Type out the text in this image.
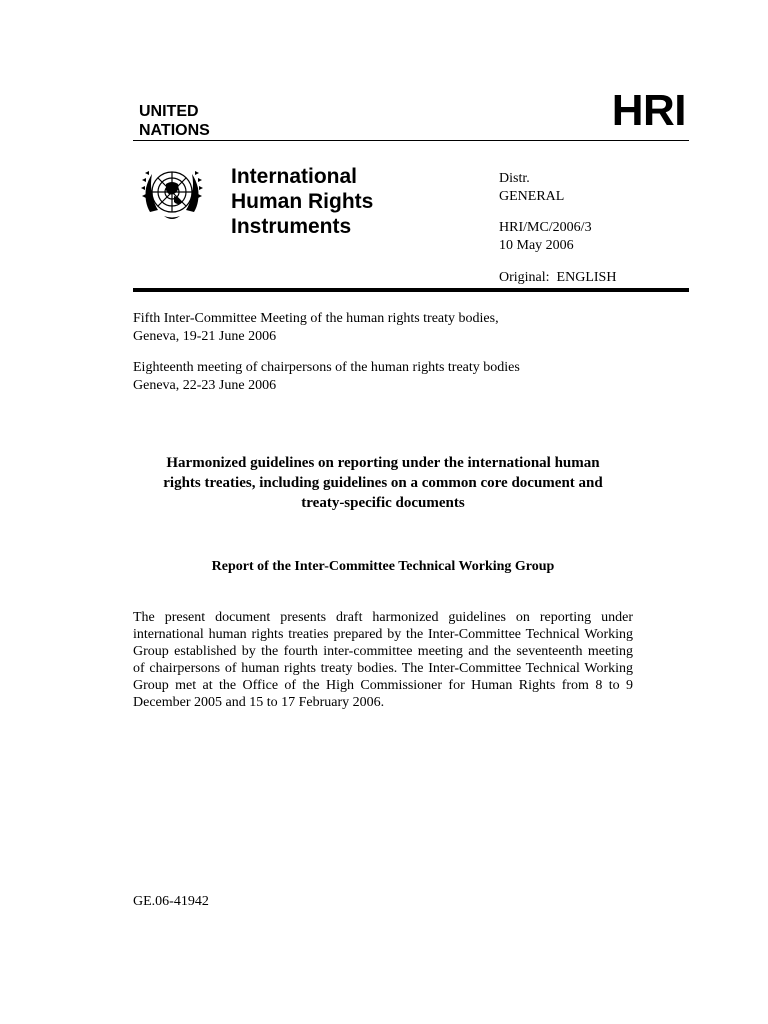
UNITED
NATIONS	HRI
International
Human Rights
Instruments
Distr.
GENERAL
HRI/MC/2006/3
10 May 2006
Original:  ENGLISH
Fifth Inter-Committee Meeting of the human rights treaty bodies,
Geneva, 19-21 June 2006
Eighteenth meeting of chairpersons of the human rights treaty bodies
Geneva, 22-23 June 2006
Harmonized guidelines on reporting under the international human
rights treaties, including guidelines on a common core document and
treaty-specific documents
Report of the Inter-Committee Technical Working Group
The present document presents draft harmonized guidelines on reporting under
international human rights treaties prepared by the Inter-Committee Technical Working
Group established by the fourth inter-committee meeting and the seventeenth meeting
of chairpersons of human rights treaty bodies. The Inter-Committee Technical Working
Group met at the Office of the High Commissioner for Human Rights from 8 to 9
December 2005 and 15 to 17 February 2006.
GE.06-41942
